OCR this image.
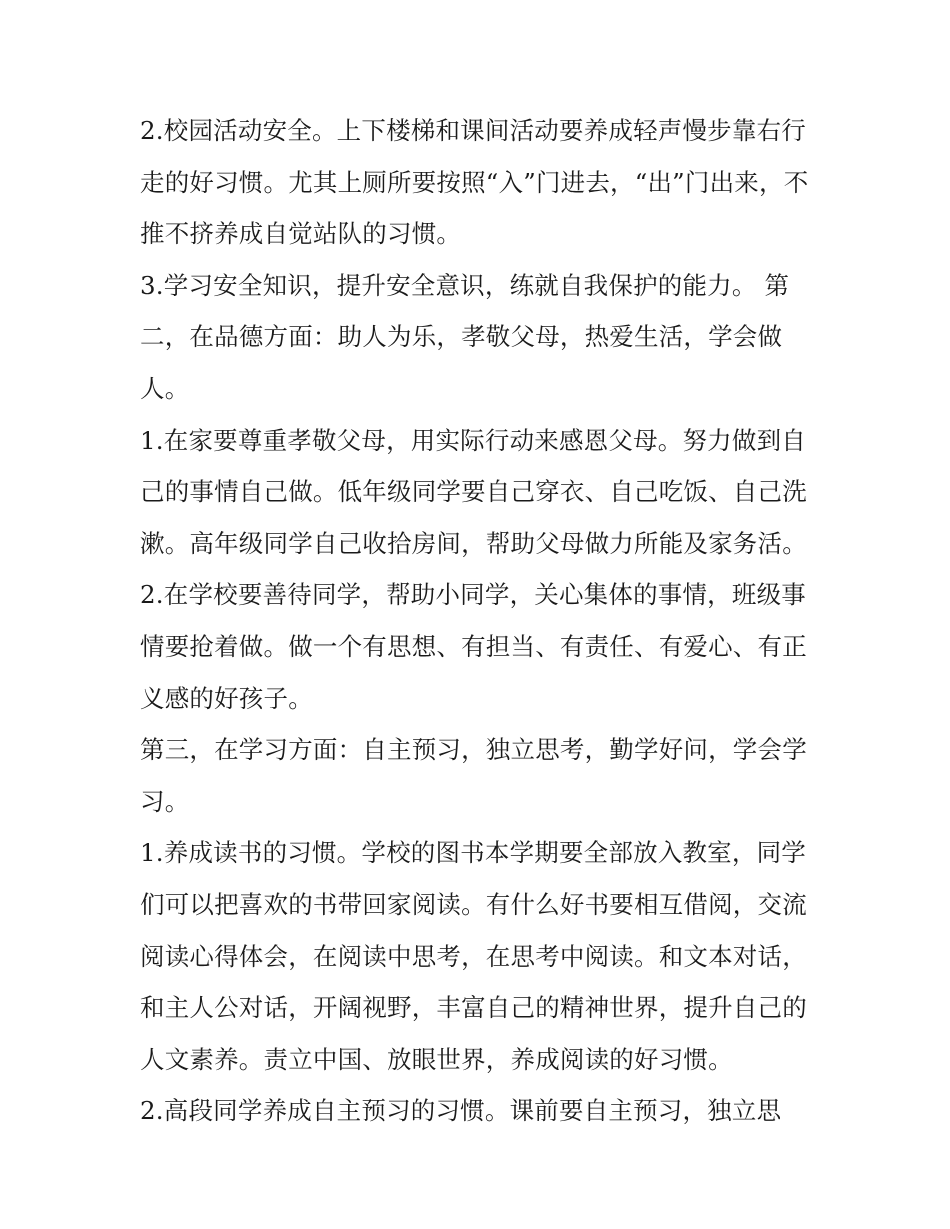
2.校园活动安全。上下楼梯和课间活动要养成轻声慢步靠右行
走的好习惯。尤其上厕所要按照“入”门进去，“出”门出来，不
推不挤养成自觉站队的习惯。
3.学习安全知识，提升安全意识，练就自我保护的能力。 第
二，在品德方面：助人为乐，孝敬父母，热爱生活，学会做
人。
1.在家要尊重孝敬父母，用实际行动来感恩父母。努力做到自
己的事情自己做。低年级同学要自己穿衣、自己吃饭、自己洗
漱。高年级同学自己收拾房间，帮助父母做力所能及家务活。
2.在学校要善待同学，帮助小同学，关心集体的事情，班级事
情要抢着做。做一个有思想、有担当、有责任、有爱心、有正
义感的好孩子。
第三，在学习方面：自主预习，独立思考，勤学好问，学会学
习。
1.养成读书的习惯。学校的图书本学期要全部放入教室，同学
们可以把喜欢的书带回家阅读。有什么好书要相互借阅，交流
阅读心得体会，在阅读中思考，在思考中阅读。和文本对话，
和主人公对话，开阔视野，丰富自己的精神世界，提升自己的
人文素养。责立中国、放眼世界，养成阅读的好习惯。
2.高段同学养成自主预习的习惯。课前要自主预习，独立思
